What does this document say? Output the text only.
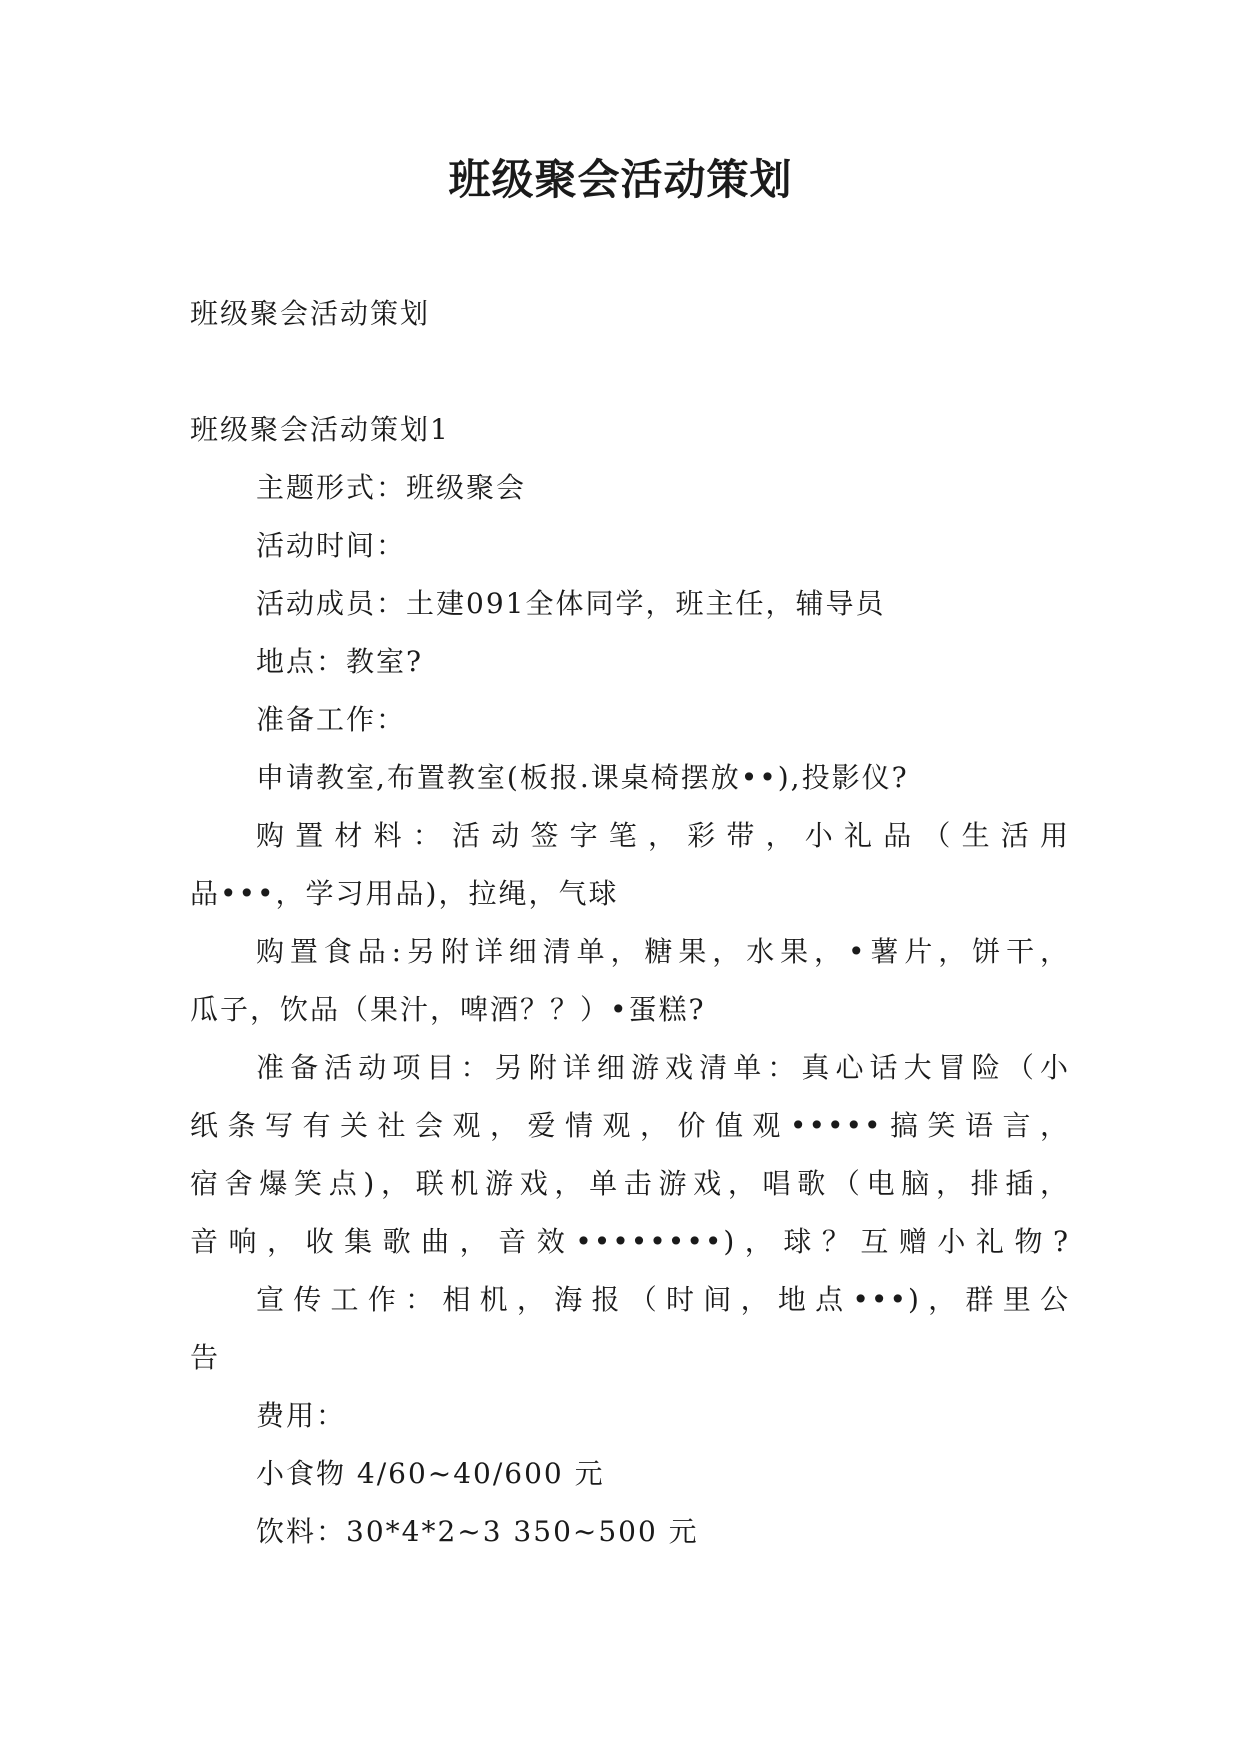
班级聚会活动策划
班级聚会活动策划
班级聚会活动策划1
主题形式：班级聚会
活动时间：
活动成员：土建091全体同学，班主任，辅导员
地点：教室?
准备工作：
申请教室,布置教室(板报.课桌椅摆放••),投影仪?
购置材料：活动签字笔，彩带，小礼品（生活用
品•••，学习用品)，拉绳，气球
购置食品:另附详细清单，糖果，水果，•薯片，饼干，
瓜子，饮品（果汁，啤酒？？）•蛋糕?
准备活动项目：另附详细游戏清单：真心话大冒险（小
纸条写有关社会观，爱情观，价值观•••••搞笑语言，
宿舍爆笑点)，联机游戏，单击游戏，唱歌（电脑，排插，
音响，收集歌曲，音效••••••••)，球？互赠小礼物?
宣传工作：相机，海报（时间，地点•••)，群里公
告
费用：
小食物 4/60~40/600 元
饮料：30*4*2~3 350~500 元
